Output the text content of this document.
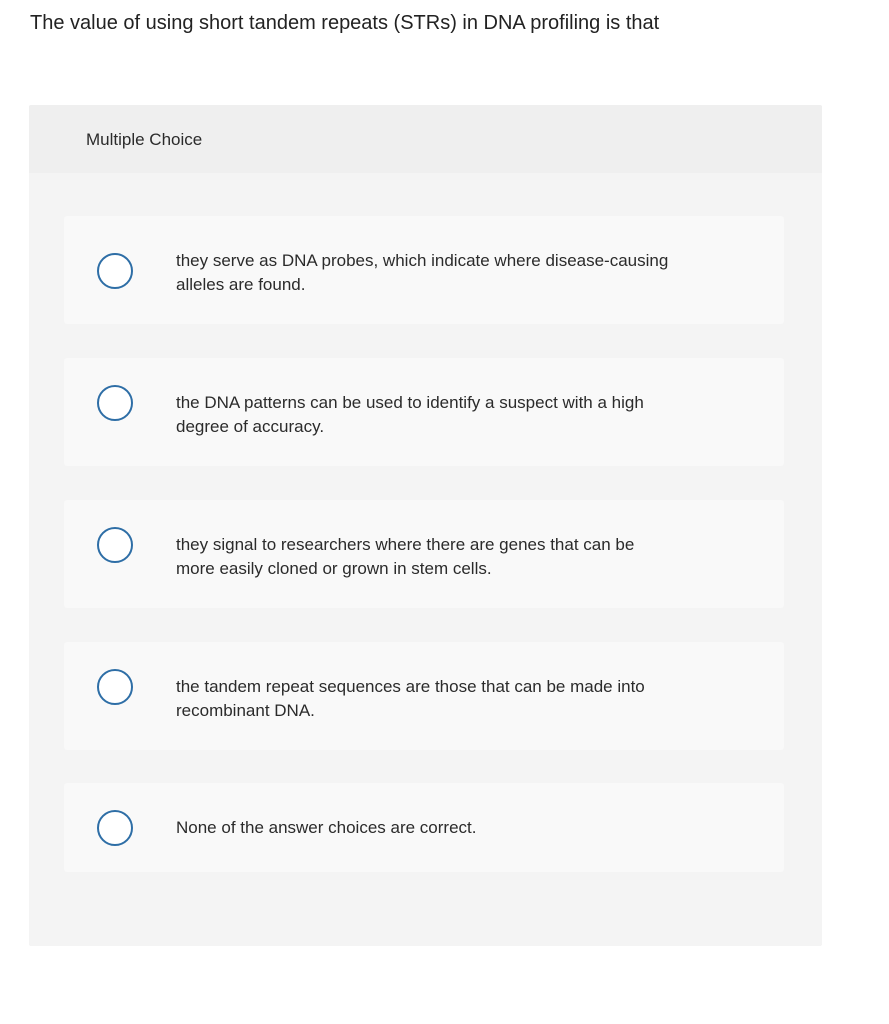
The value of using short tandem repeats (STRs) in DNA profiling is that
Multiple Choice
they serve as DNA probes, which indicate where disease-causing alleles are found.
the DNA patterns can be used to identify a suspect with a high degree of accuracy.
they signal to researchers where there are genes that can be more easily cloned or grown in stem cells.
the tandem repeat sequences are those that can be made into recombinant DNA.
None of the answer choices are correct.
